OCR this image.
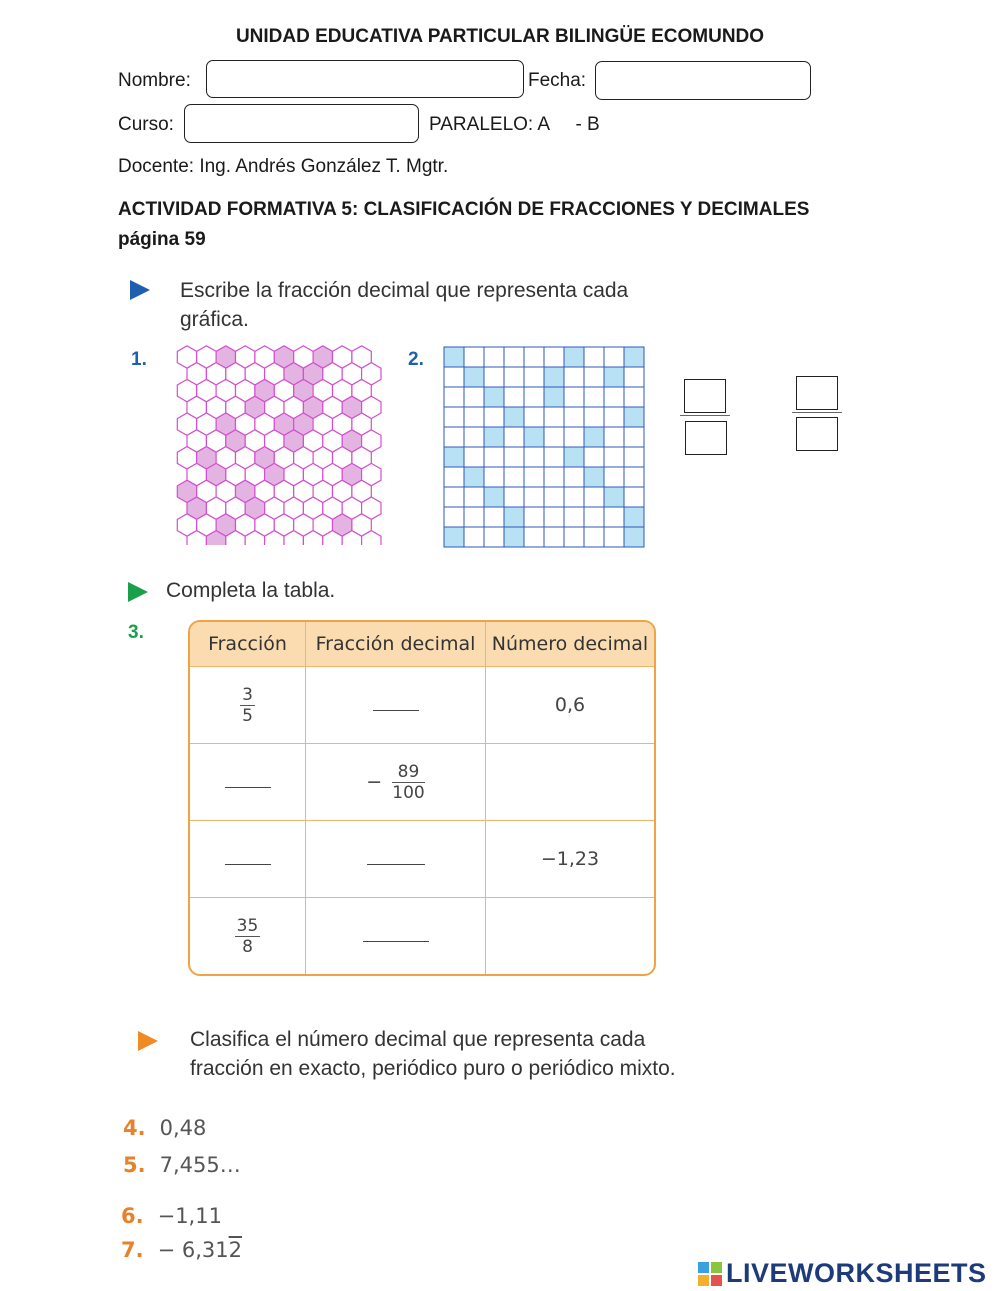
UNIDAD EDUCATIVA PARTICULAR BILINGÜE ECOMUNDO
Nombre:	Fecha:
Curso:	PARALELO: A     - B
Docente: Ing. Andrés González T. Mgtr.
ACTIVIDAD FORMATIVA 5: CLASIFICACIÓN DE FRACCIONES Y DECIMALES
página 59
Escribe la fracción decimal que representa cada gráfica.
1.	2.
Completa la tabla.
3.
Fracción	Fracción decimal	Número decimal

$\frac{3}{5}$		0,6
	− $\frac{89}{100}$

		−1,23

$\frac{35}{8}$

Clasifica el número decimal que representa cada fracción en exacto, periódico puro o periódico mixto.
4. 0,48
5. 7,455…
6. −1,11
7. − 6,312
LIVEWORKSHEETS
